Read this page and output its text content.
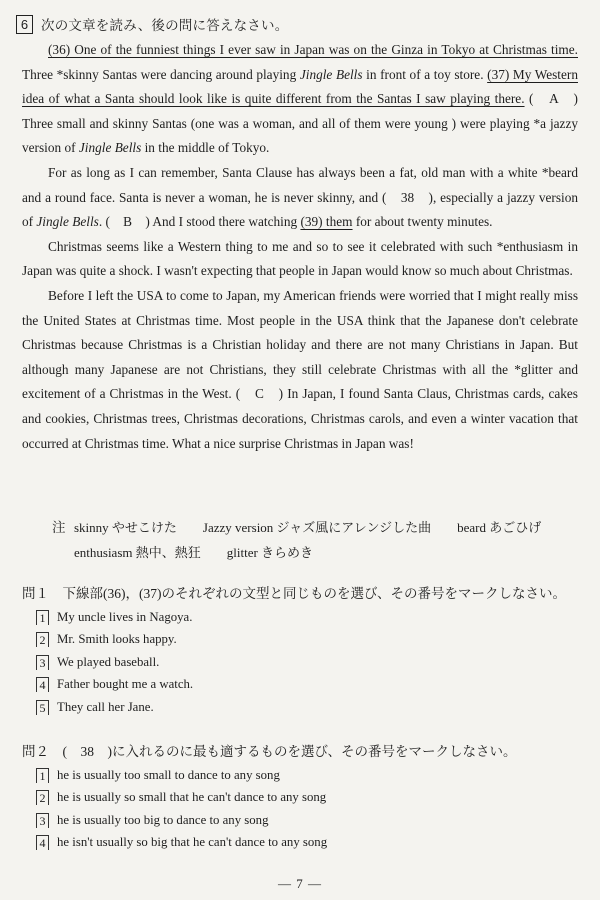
6 次の文章を読み、後の問に答えなさい。

(36) One of the funniest things I ever saw in Japan was on the Ginza in Tokyo at Christmas time. Three *skinny Santas were dancing around playing Jingle Bells in front of a toy store. (37) My Western idea of what a Santa should look like is quite different from the Santas I saw playing there. (　A　) Three small and skinny Santas (one was a woman, and all of them were young ) were playing *a jazzy version of Jingle Bells in the middle of Tokyo.

For as long as I can remember, Santa Clause has always been a fat, old man with a white *beard and a round face. Santa is never a woman, he is never skinny, and (　38　), especially a jazzy version of Jingle Bells. (　B　) And I stood there watching (39) them for about twenty minutes.

Christmas seems like a Western thing to me and so to see it celebrated with such *enthusiasm in Japan was quite a shock. I wasn't expecting that people in Japan would know so much about Christmas.

Before I left the USA to come to Japan, my American friends were worried that I might really miss the United States at Christmas time. Most people in the USA think that the Japanese don't celebrate Christmas because Christmas is a Christian holiday and there are not many Christians in Japan. But although many Japanese are not Christians, they still celebrate Christmas with all the *glitter and excitement of a Christmas in the West. (　C　) In Japan, I found Santa Claus, Christmas cards, cakes and cookies, Christmas trees, Christmas decorations, Christmas carols, and even a winter vacation that occurred at Christmas time. What a nice surprise Christmas in Japan was!

注 skinny やせこけた Jazzy version ジャズ風にアレンジした曲 beard あごひげ
enthusiasm 熱中、熱狂 glitter きらめき
問１　下線部(36)，(37)のそれぞれの文型と同じものを選び、その番号をマークしなさい。
1 My uncle lives in Nagoya.
2 Mr. Smith looks happy.
3 We played baseball.
4 Father bought me a watch.
5 They call her Jane.
問２　(　38　)に入れるのに最も適するものを選び、その番号をマークしなさい。
1 he is usually too small to dance to any song
2 he is usually so small that he can't dance to any song
3 he is usually too big to dance to any song
4 he isn't usually so big that he can't dance to any song
— 7 —
